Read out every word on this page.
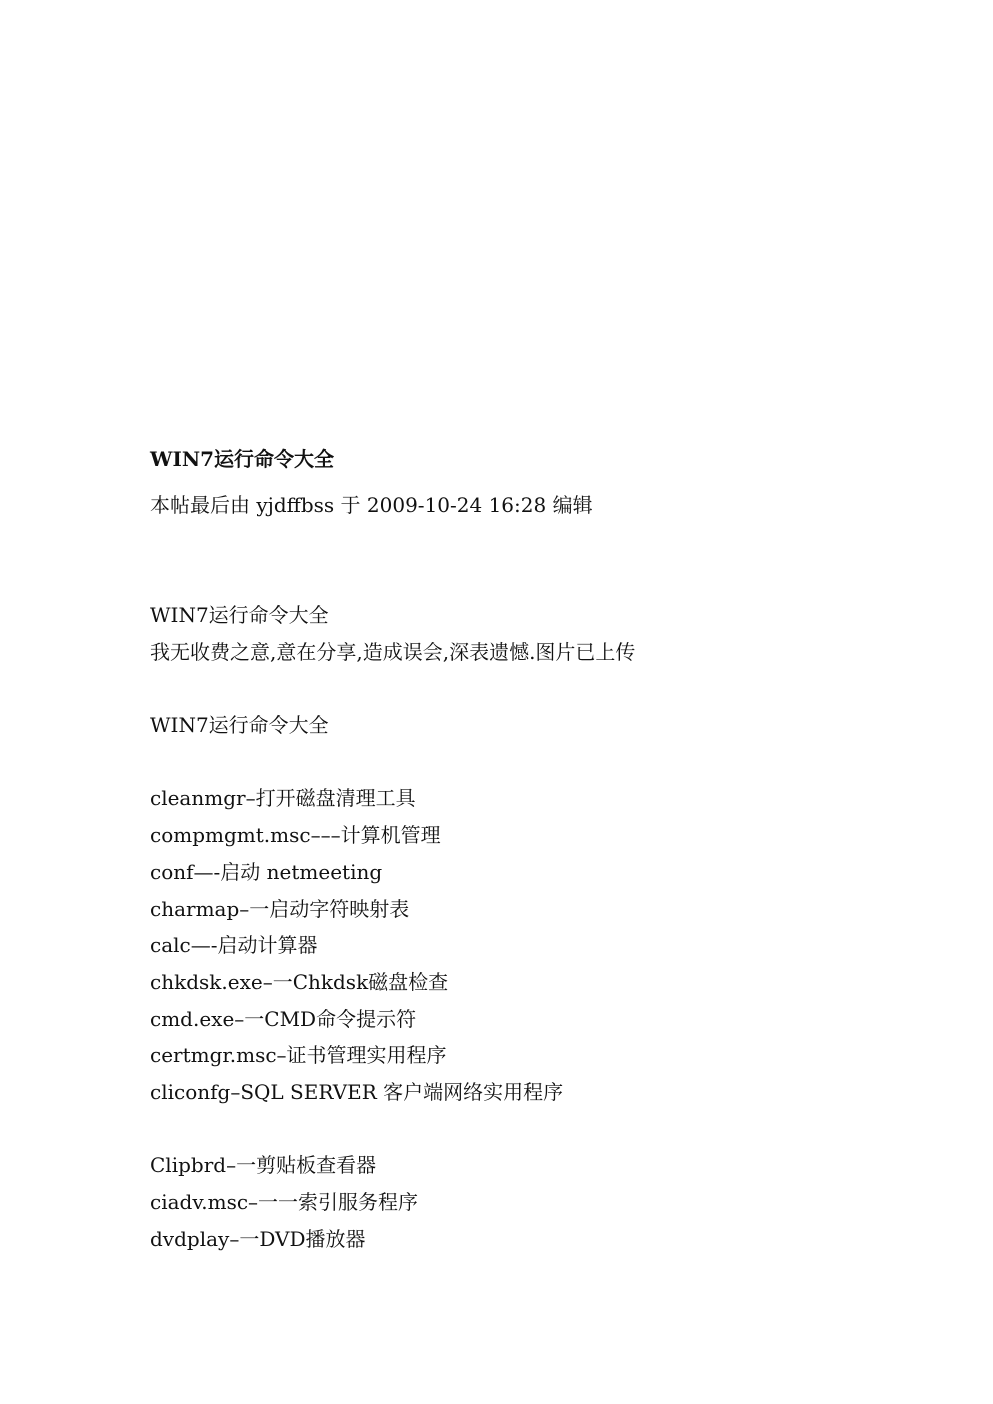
WIN7运行命令大全
本帖最后由 yjdffbss 于 2009-10-24 16:28 编辑
WIN7运行命令大全
我无收费之意,意在分享,造成误会,深表遗憾.图片已上传
WIN7运行命令大全
cleanmgr–打开磁盘清理工具
compmgmt.msc–––计算机管理
conf—-启动 netmeeting
charmap–一启动字符映射表
calc—-启动计算器
chkdsk.exe–一Chkdsk磁盘检查
cmd.exe–一CMD命令提示符
certmgr.msc–证书管理实用程序
cliconfg–SQL SERVER 客户端网络实用程序
Clipbrd–一剪贴板查看器
ciadv.msc–一一索引服务程序
dvdplay–一DVD播放器
